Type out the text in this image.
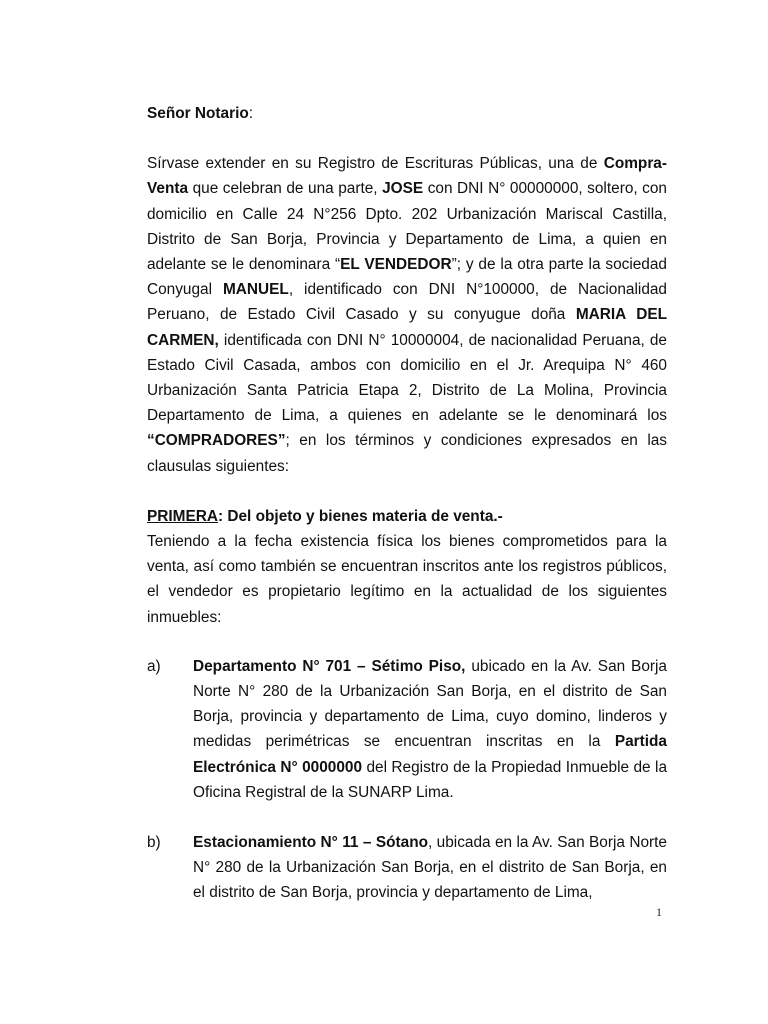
Señor Notario:

Sírvase extender en su Registro de Escrituras Públicas, una de Compra-Venta que celebran de una parte, JOSE con DNI N° 00000000, soltero, con domicilio en Calle 24 N°256 Dpto. 202 Urbanización Mariscal Castilla, Distrito de San Borja, Provincia y Departamento de Lima, a quien en adelante se le denominara “EL VENDEDOR”; y de la otra parte la sociedad Conyugal MANUEL, identificado con DNI N°100000, de Nacionalidad Peruano, de Estado Civil Casado y su conyugue doña MARIA DEL CARMEN, identificada con DNI N° 10000004, de nacionalidad Peruana, de Estado Civil Casada, ambos con domicilio en el Jr. Arequipa N° 460 Urbanización Santa Patricia Etapa 2, Distrito de La Molina, Provincia Departamento de Lima, a quienes en adelante se le denominará los “COMPRADORES”; en los términos y condiciones expresados en las clausulas siguientes:

PRIMERA: Del objeto y bienes materia de venta.-

Teniendo a la fecha existencia física los bienes comprometidos para la venta, así como también se encuentran inscritos ante los registros públicos, el vendedor es propietario legítimo en la actualidad de los siguientes inmuebles:

a) Departamento N° 701 – Sétimo Piso, ubicado en la Av. San Borja Norte N° 280 de la Urbanización San Borja, en el distrito de San Borja, provincia y departamento de Lima, cuyo domino, linderos y medidas perimétricas se encuentran inscritas en la Partida Electrónica N° 0000000 del Registro de la Propiedad Inmueble de la Oficina Registral de la SUNARP Lima.
b) Estacionamiento N° 11 – Sótano, ubicada en la Av. San Borja Norte N° 280 de la Urbanización San Borja, en el distrito de San Borja, en el distrito de San Borja, provincia y departamento de Lima,
1
